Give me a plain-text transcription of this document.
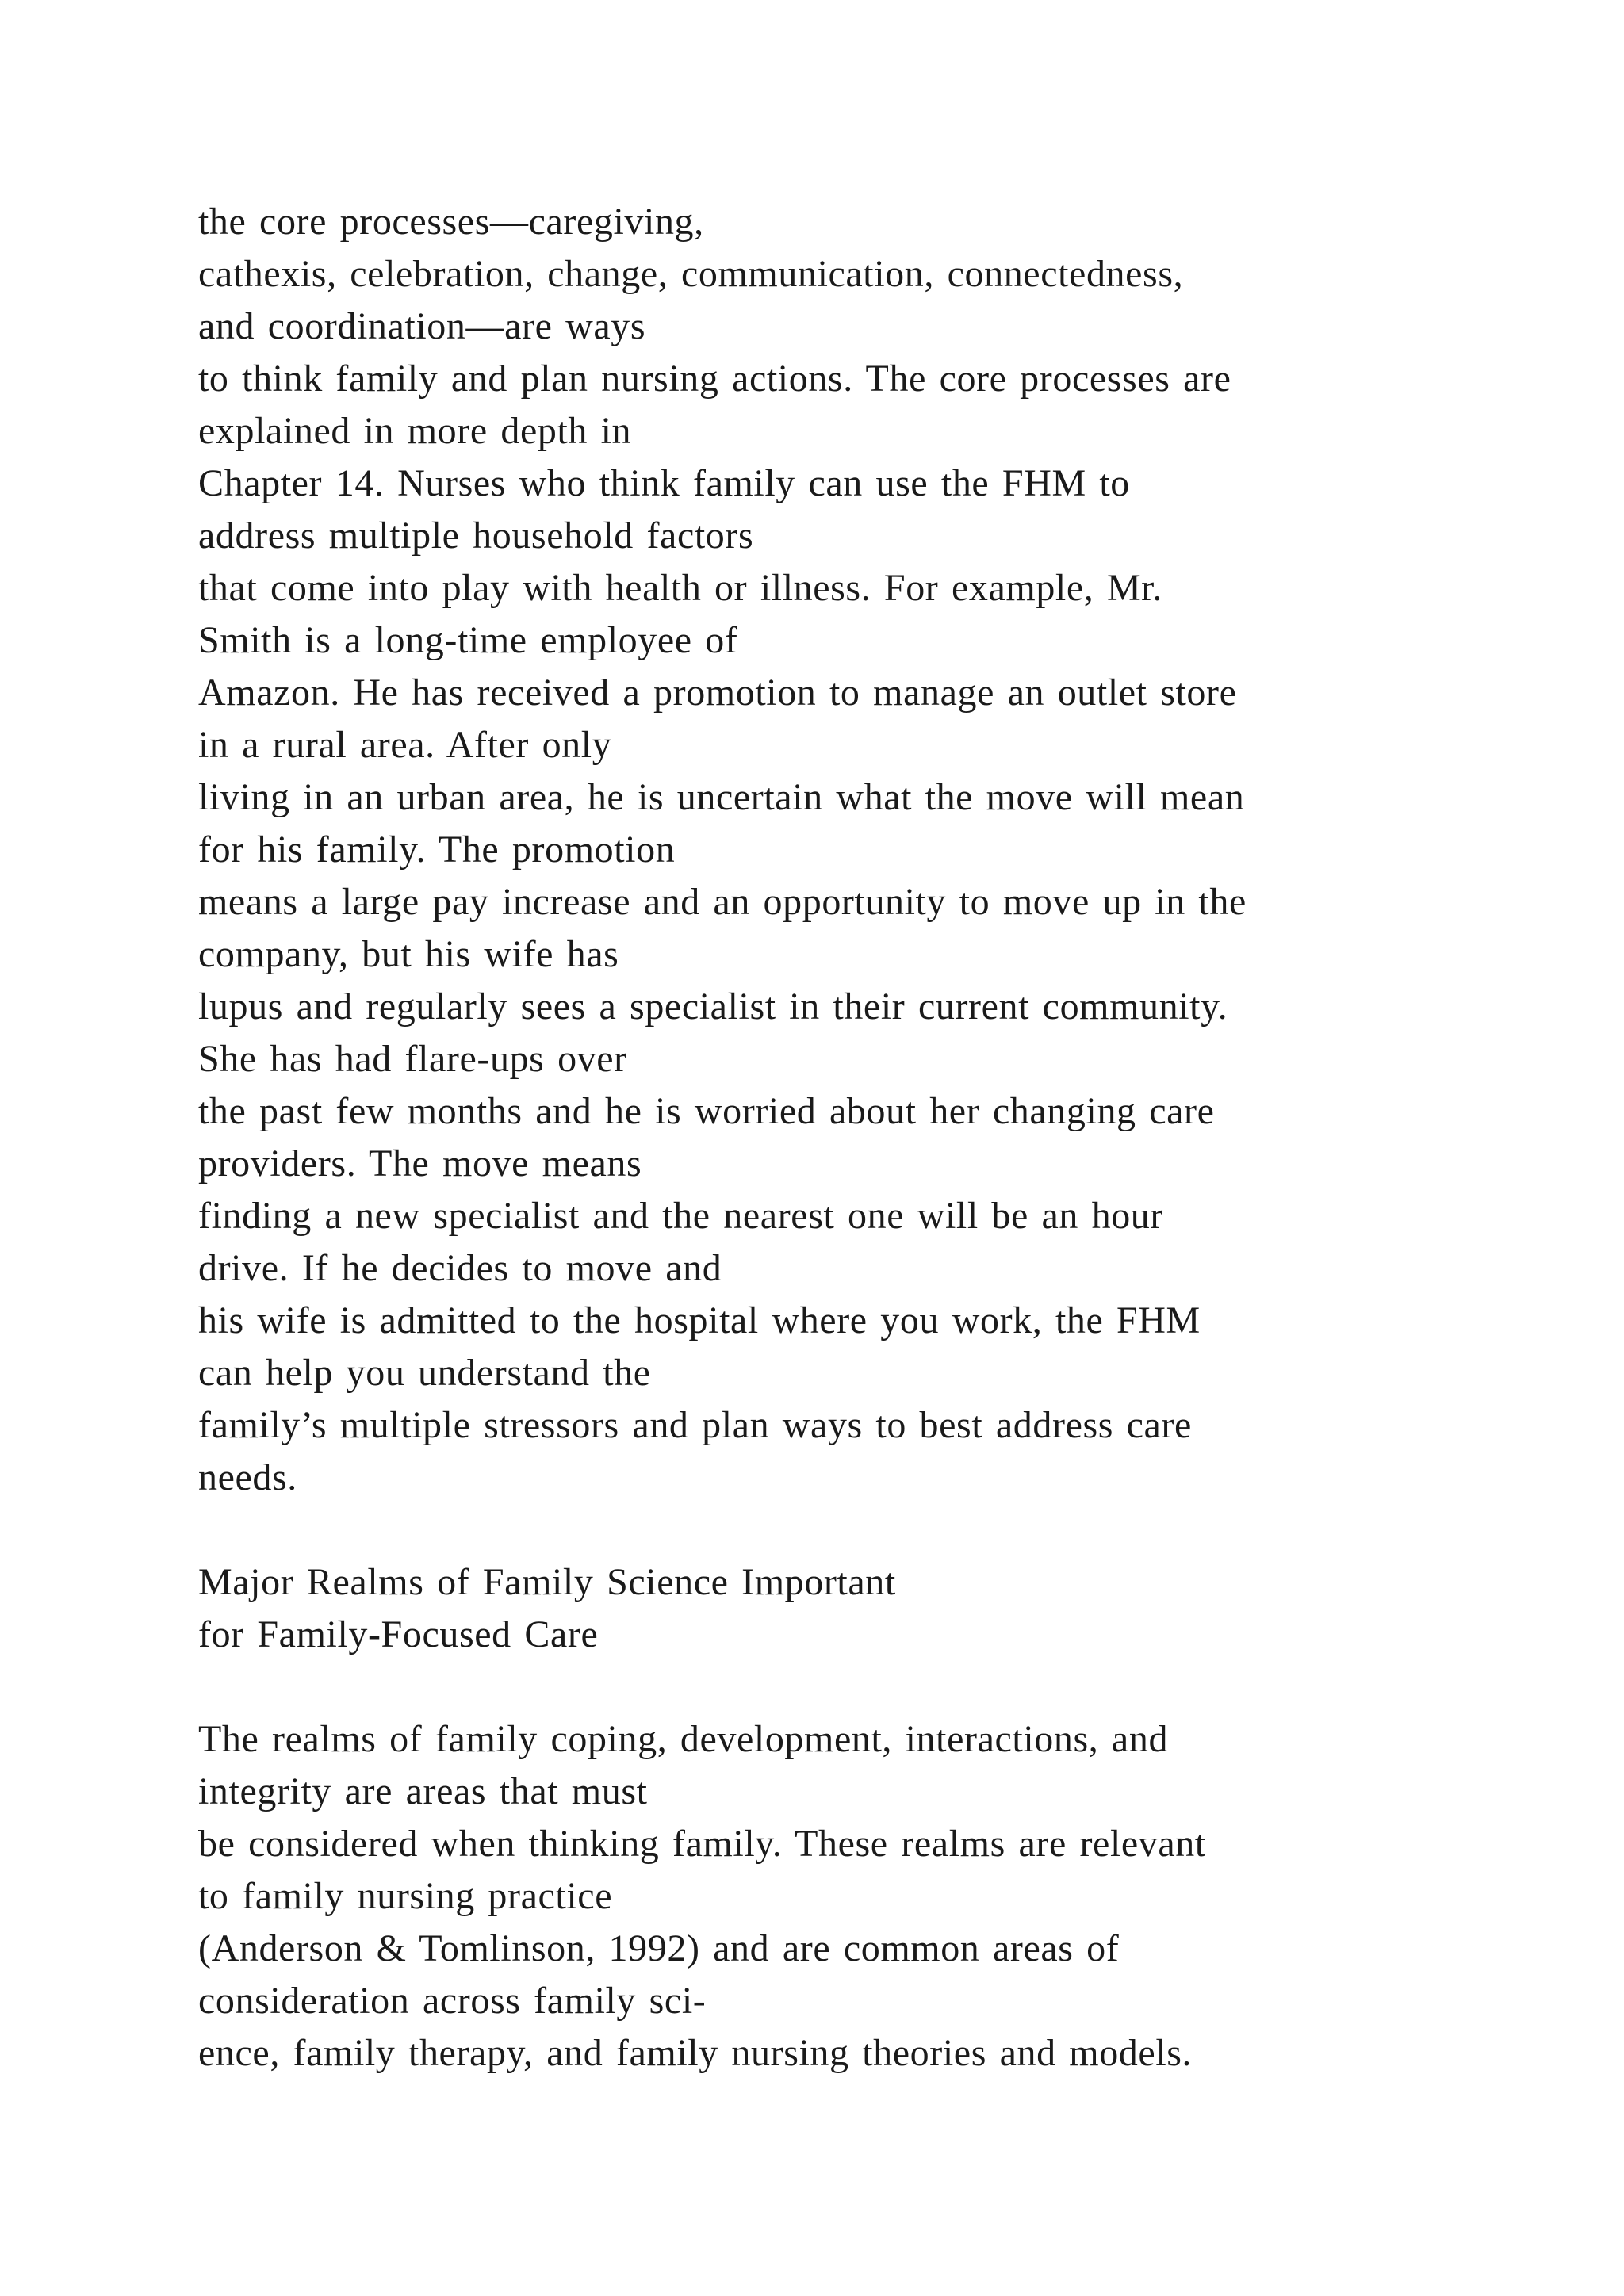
the core processes—caregiving,
cathexis, celebration, change, communication, connectedness,
and coordination—are ways
to think family and plan nursing actions. The core processes are
explained in more depth in
Chapter 14. Nurses who think family can use the FHM to
address multiple household factors
that come into play with health or illness. For example, Mr.
Smith is a long-time employee of
Amazon. He has received a promotion to manage an outlet store
in a rural area. After only
living in an urban area, he is uncertain what the move will mean
for his family. The promotion
means a large pay increase and an opportunity to move up in the
company, but his wife has
lupus and regularly sees a specialist in their current community.
She has had flare-ups over
the past few months and he is worried about her changing care
providers. The move means
finding a new specialist and the nearest one will be an hour
drive. If he decides to move and
his wife is admitted to the hospital where you work, the FHM
can help you understand the
family’s multiple stressors and plan ways to best address care
needs.
Major Realms of Family Science Important
for Family-Focused Care
The realms of family coping, development, interactions, and
integrity are areas that must
be considered when thinking family. These realms are relevant
to family nursing practice
(Anderson & Tomlinson, 1992) and are common areas of
consideration across family sci-
ence, family therapy, and family nursing theories and models.
